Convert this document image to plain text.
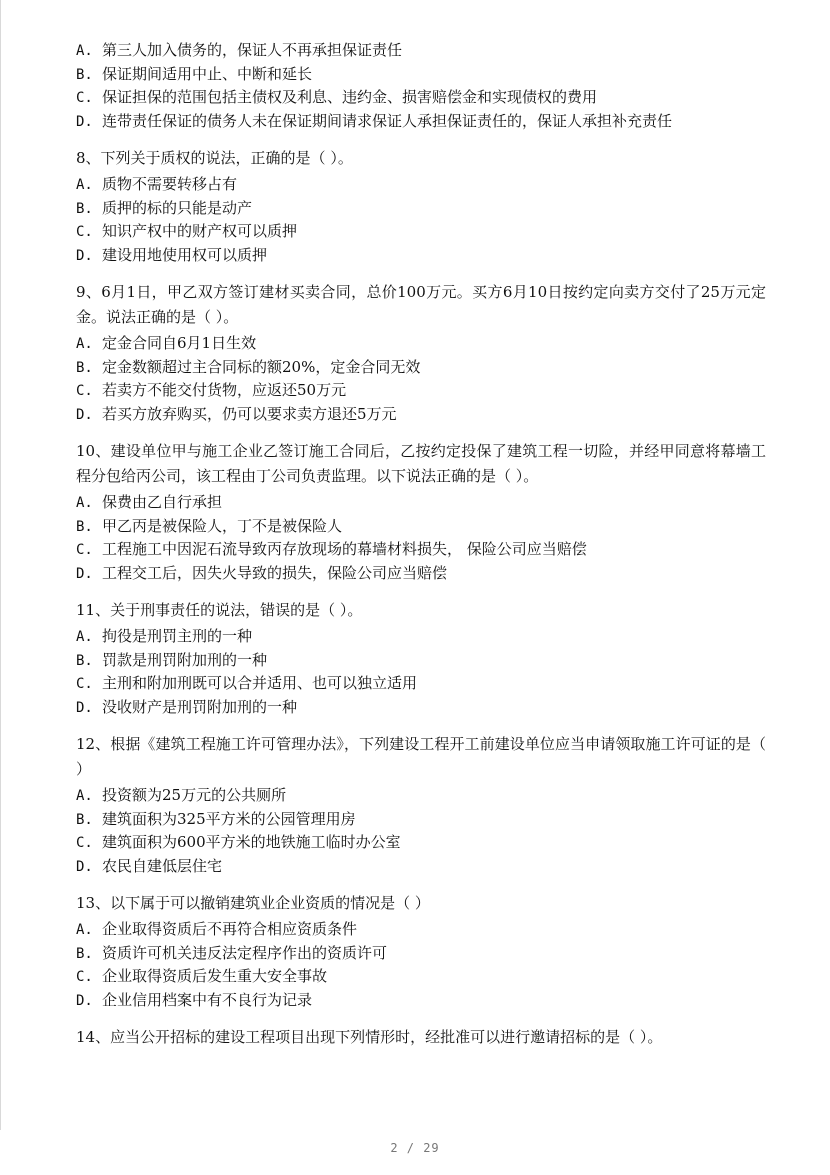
A. 第三人加入债务的，保证人不再承担保证责任
B. 保证期间适用中止、中断和延长
C. 保证担保的范围包括主债权及利息、违约金、损害赔偿金和实现债权的费用
D. 连带责任保证的债务人未在保证期间请求保证人承担保证责任的，保证人承担补充责任
8、下列关于质权的说法，正确的是（ ）。
A. 质物不需要转移占有
B. 质押的标的只能是动产
C. 知识产权中的财产权可以质押
D. 建设用地使用权可以质押
9、6月1日，甲乙双方签订建材买卖合同，总价100万元。买方6月10日按约定向卖方交付了25万元定金。说法正确的是（ ）。
A. 定金合同自6月1日生效
B. 定金数额超过主合同标的额20%，定金合同无效
C. 若卖方不能交付货物，应返还50万元
D. 若买方放弃购买，仍可以要求卖方退还5万元
10、建设单位甲与施工企业乙签订施工合同后，乙按约定投保了建筑工程一切险，并经甲同意将幕墙工程分包给丙公司，该工程由丁公司负责监理。以下说法正确的是（ ）。
A. 保费由乙自行承担
B. 甲乙丙是被保险人，丁不是被保险人
C. 工程施工中因泥石流导致丙存放现场的幕墙材料损失， 保险公司应当赔偿
D. 工程交工后，因失火导致的损失，保险公司应当赔偿
11、关于刑事责任的说法，错误的是（ ）。
A. 拘役是刑罚主刑的一种
B. 罚款是刑罚附加刑的一种
C. 主刑和附加刑既可以合并适用、也可以独立适用
D. 没收财产是刑罚附加刑的一种
12、根据《建筑工程施工许可管理办法》，下列建设工程开工前建设单位应当申请领取施工许可证的是（ ）
A. 投资额为25万元的公共厕所
B. 建筑面积为325平方米的公园管理用房
C. 建筑面积为600平方米的地铁施工临时办公室
D. 农民自建低层住宅
13、以下属于可以撤销建筑业企业资质的情况是（ ）
A. 企业取得资质后不再符合相应资质条件
B. 资质许可机关违反法定程序作出的资质许可
C. 企业取得资质后发生重大安全事故
D. 企业信用档案中有不良行为记录
14、应当公开招标的建设工程项目出现下列情形时，经批准可以进行邀请招标的是（ ）。
2 / 29
